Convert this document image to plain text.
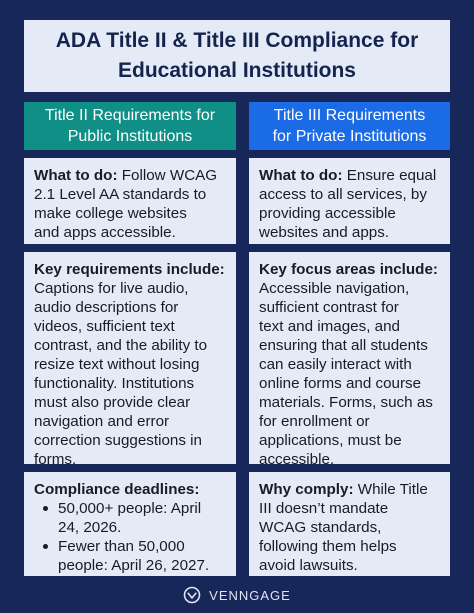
ADA Title II & Title III Compliance for
Educational Institutions
Title II Requirements for
Public Institutions
Title III Requirements
for Private Institutions
What to do: Follow WCAG
2.1 Level AA standards to
make college websites
and apps accessible.
What to do: Ensure equal
access to all services, by
providing accessible
websites and apps.
Key requirements include:
Captions for live audio,
audio descriptions for
videos, sufficient text
contrast, and the ability to
resize text without losing
functionality. Institutions
must also provide clear
navigation and error
correction suggestions in
forms.
Key focus areas include:
Accessible navigation,
sufficient contrast for
text and images, and
ensuring that all students
can easily interact with
online forms and course
materials. Forms, such as
for enrollment or
applications, must be
accessible.
Compliance deadlines:
50,000+ people: April
24, 2026.
Fewer than 50,000
people: April 26, 2027.
Why comply: While Title
III doesn’t mandate
WCAG standards,
following them helps
avoid lawsuits.
VENNGAGE
